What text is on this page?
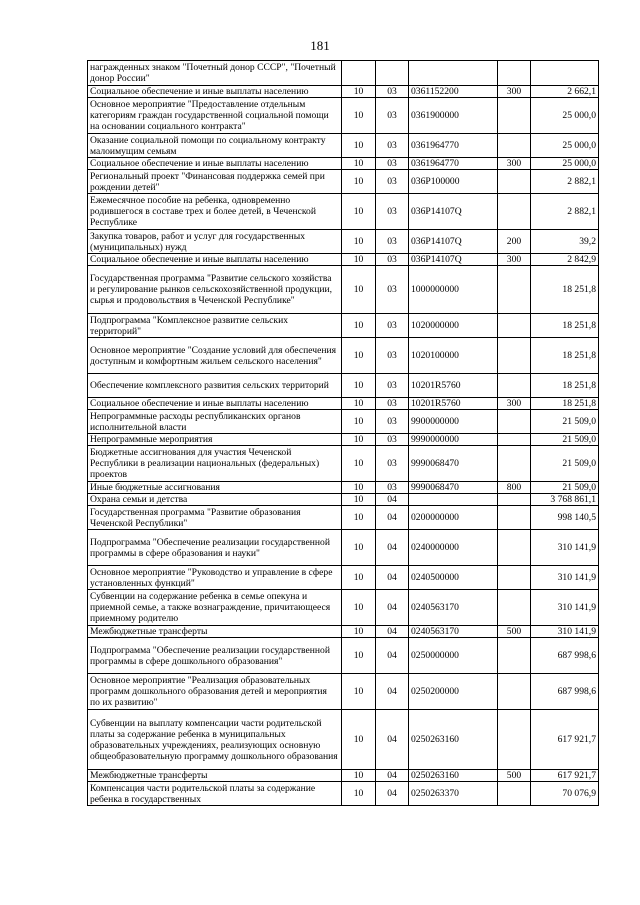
181
награжденных знаком "Почетный донор СССР", "Почетный донор России"					
Социальное обеспечение и иные выплаты населению	10	03	0361152200	300	2 662,1
Основное мероприятие "Предоставление отдельным категориям граждан государственной социальной помощи на основании социального контракта"	10	03	0361900000		25 000,0
Оказание социальной помощи по социальному контракту малоимущим семьям	10	03	0361964770		25 000,0
Социальное обеспечение и иные выплаты населению	10	03	0361964770	300	25 000,0
Региональный проект "Финансовая поддержка семей при рождении детей"	10	03	036P100000		2 882,1
Ежемесячное пособие на ребенка, одновременно родившегося в составе трех и более детей, в Чеченской Республике	10	03	036P14107Q		2 882,1
Закупка товаров, работ и услуг для государственных (муниципальных) нужд	10	03	036P14107Q	200	39,2
Социальное обеспечение и иные выплаты населению	10	03	036P14107Q	300	2 842,9
Государственная программа "Развитие сельского хозяйства и регулирование рынков сельскохозяйственной продукции, сырья и продовольствия в Чеченской Республике"	10	03	1000000000		18 251,8
Подпрограмма "Комплексное развитие сельских территорий"	10	03	1020000000		18 251,8
Основное мероприятие "Создание условий для обеспечения доступным и комфортным жильем сельского населения"	10	03	1020100000		18 251,8
Обеспечение комплексного развития сельских территорий	10	03	10201R5760		18 251,8
Социальное обеспечение и иные выплаты населению	10	03	10201R5760	300	18 251,8
Непрограммные расходы республиканских органов исполнительной власти	10	03	9900000000		21 509,0
Непрограммные мероприятия	10	03	9990000000		21 509,0
Бюджетные ассигнования для участия Чеченской Республики в реализации национальных (федеральных) проектов	10	03	9990068470		21 509,0
Иные бюджетные ассигнования	10	03	9990068470	800	21 509,0
Охрана семьи и детства	10	04			3 768 861,1
Государственная программа "Развитие образования Чеченской Республики"	10	04	0200000000		998 140,5
Подпрограмма "Обеспечение реализации государственной программы в сфере образования и науки"	10	04	0240000000		310 141,9
Основное мероприятие "Руководство и управление в сфере установленных функций"	10	04	0240500000		310 141,9
Субвенции на содержание ребенка в семье опекуна и приемной семье, а также вознаграждение, причитающееся приемному родителю	10	04	0240563170		310 141,9
Межбюджетные трансферты	10	04	0240563170	500	310 141,9
Подпрограмма "Обеспечение реализации государственной программы в сфере дошкольного образования"	10	04	0250000000		687 998,6
Основное мероприятие "Реализация образовательных программ дошкольного образования детей и мероприятия по их развитию"	10	04	0250200000		687 998,6
Субвенции на выплату компенсации части родительской платы за содержание ребенка в муниципальных образовательных учреждениях, реализующих основную общеобразовательную программу дошкольного образования	10	04	0250263160		617 921,7
Межбюджетные трансферты	10	04	0250263160	500	617 921,7
Компенсация части родительской платы за содержание ребенка в государственных	10	04	0250263370		70 076,9
